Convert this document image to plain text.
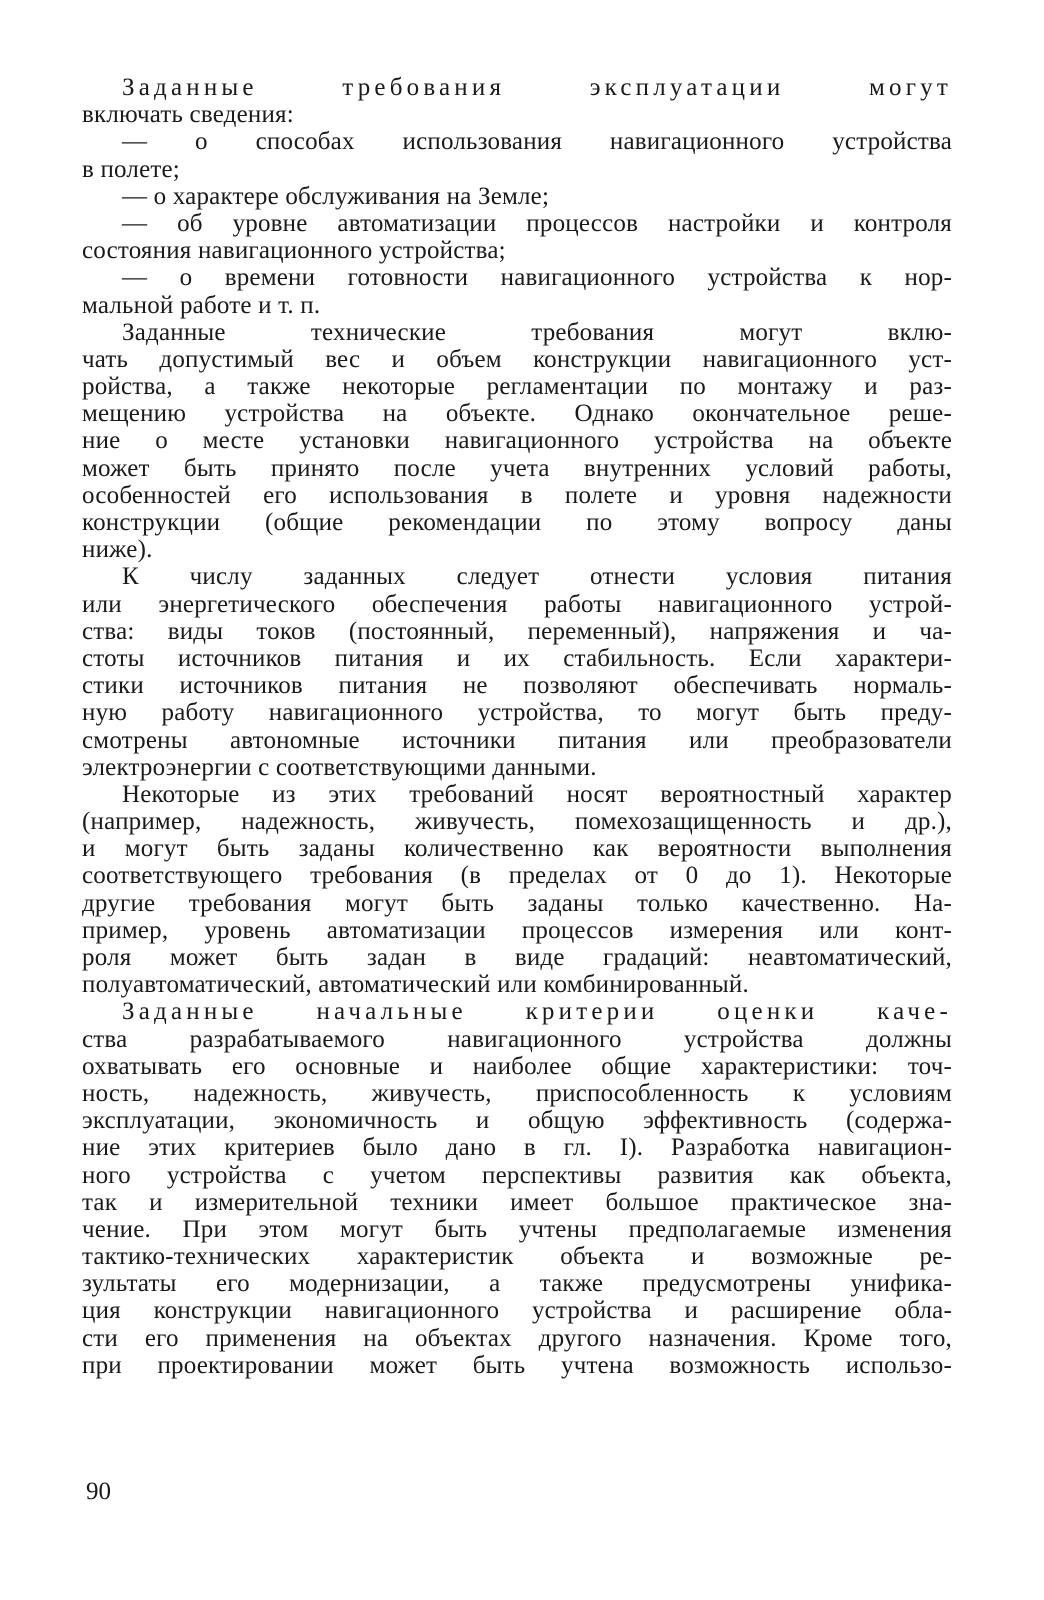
Заданные требования эксплуатации могут
включать сведения:
— о способах использования навигационного устройства
в полете;
— о характере обслуживания на Земле;
— об уровне автоматизации процессов настройки и контроля
состояния навигационного устройства;
— о времени готовности навигационного устройства к нор-
мальной работе и т. п.
Заданные технические требования могут вклю-
чать допустимый вес и объем конструкции навигационного уст-
ройства, а также некоторые регламентации по монтажу и раз-
мещению устройства на объекте. Однако окончательное реше-
ние о месте установки навигационного устройства на объекте
может быть принято после учета внутренних условий работы,
особенностей его использования в полете и уровня надежности
конструкции (общие рекомендации по этому вопросу даны
ниже).
К числу заданных следует отнести условия питания
или энергетического обеспечения работы навигационного устрой-
ства: виды токов (постоянный, переменный), напряжения и ча-
стоты источников питания и их стабильность. Если характери-
стики источников питания не позволяют обеспечивать нормаль-
ную работу навигационного устройства, то могут быть преду-
смотрены автономные источники питания или преобразователи
электроэнергии с соответствующими данными.
Некоторые из этих требований носят вероятностный характер
(например, надежность, живучесть, помехозащищенность и др.),
и могут быть заданы количественно как вероятности выполнения
соответствующего требования (в пределах от 0 до 1). Некоторые
другие требования могут быть заданы только качественно. На-
пример, уровень автоматизации процессов измерения или конт-
роля может быть задан в виде градаций: неавтоматический,
полуавтоматический, автоматический или комбинированный.
Заданные начальные критерии оценки каче-
ства разрабатываемого навигационного устройства должны
охватывать его основные и наиболее общие характеристики: точ-
ность, надежность, живучесть, приспособленность к условиям
эксплуатации, экономичность и общую эффективность (содержа-
ние этих критериев было дано в гл. I). Разработка навигацион-
ного устройства с учетом перспективы развития как объекта,
так и измерительной техники имеет большое практическое зна-
чение. При этом могут быть учтены предполагаемые изменения
тактико-технических характеристик объекта и возможные ре-
зультаты его модернизации, а также предусмотрены унифика-
ция конструкции навигационного устройства и расширение обла-
сти его применения на объектах другого назначения. Кроме того,
при проектировании может быть учтена возможность использо-
90
